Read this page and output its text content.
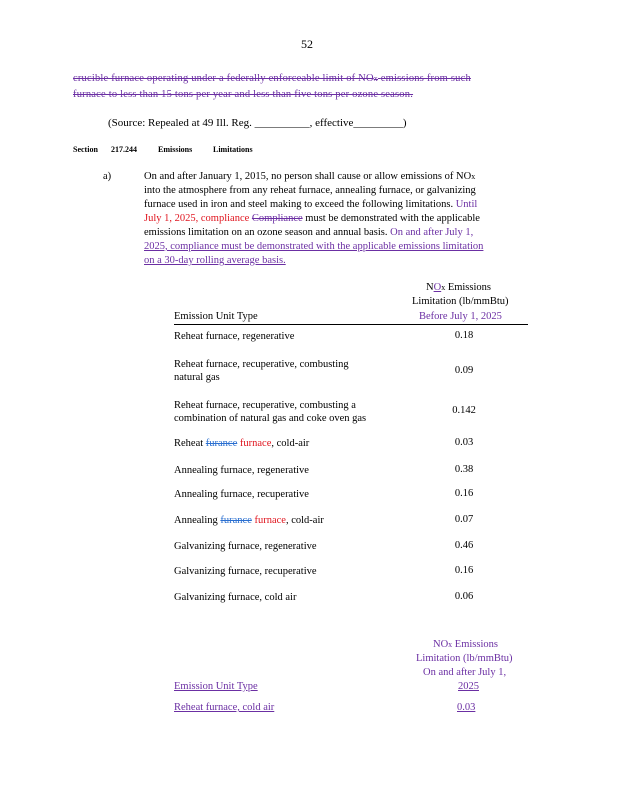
52
crucible furnace operating under a federally enforceable limit of NOx emissions from such
furnace to less than 15 tons per year and less than five tons per ozone season.
(Source: Repealed at 49 Ill. Reg. __________, effective_________)
Section 217.244	Emissions	Limitations
a)	On and after January 1, 2015, no person shall cause or allow emissions of NOx
into the atmosphere from any reheat furnace, annealing furnace, or galvanizing
furnace used in iron and steel making to exceed the following limitations. Until
July 1, 2025, compliance Compliance must be demonstrated with the applicable
emissions limitation on an ozone season and annual basis. On and after July 1,
2025, compliance must be demonstrated with the applicable emissions limitation
on a 30-day rolling average basis.
NOx Emissions
Limitation (lb/mmBtu)
Before July 1, 2025
Emission Unit Type
Reheat furnace, regenerative	0.18
Reheat furnace, recuperative, combusting
natural gas
0.09
Reheat furnace, recuperative, combusting a
combination of natural gas and coke oven gas
0.142
Reheat furance furnace, cold-air	0.03
Annealing furnace, regenerative	0.38
Annealing furnace, recuperative	0.16
Annealing furance furnace, cold-air	0.07
Galvanizing furnace, regenerative	0.46
Galvanizing furnace, recuperative	0.16
Galvanizing furnace, cold air	0.06
NOx Emissions
Limitation (lb/mmBtu)
On and after July 1,
2025
Emission Unit Type
Reheat furnace, cold air	0.03
